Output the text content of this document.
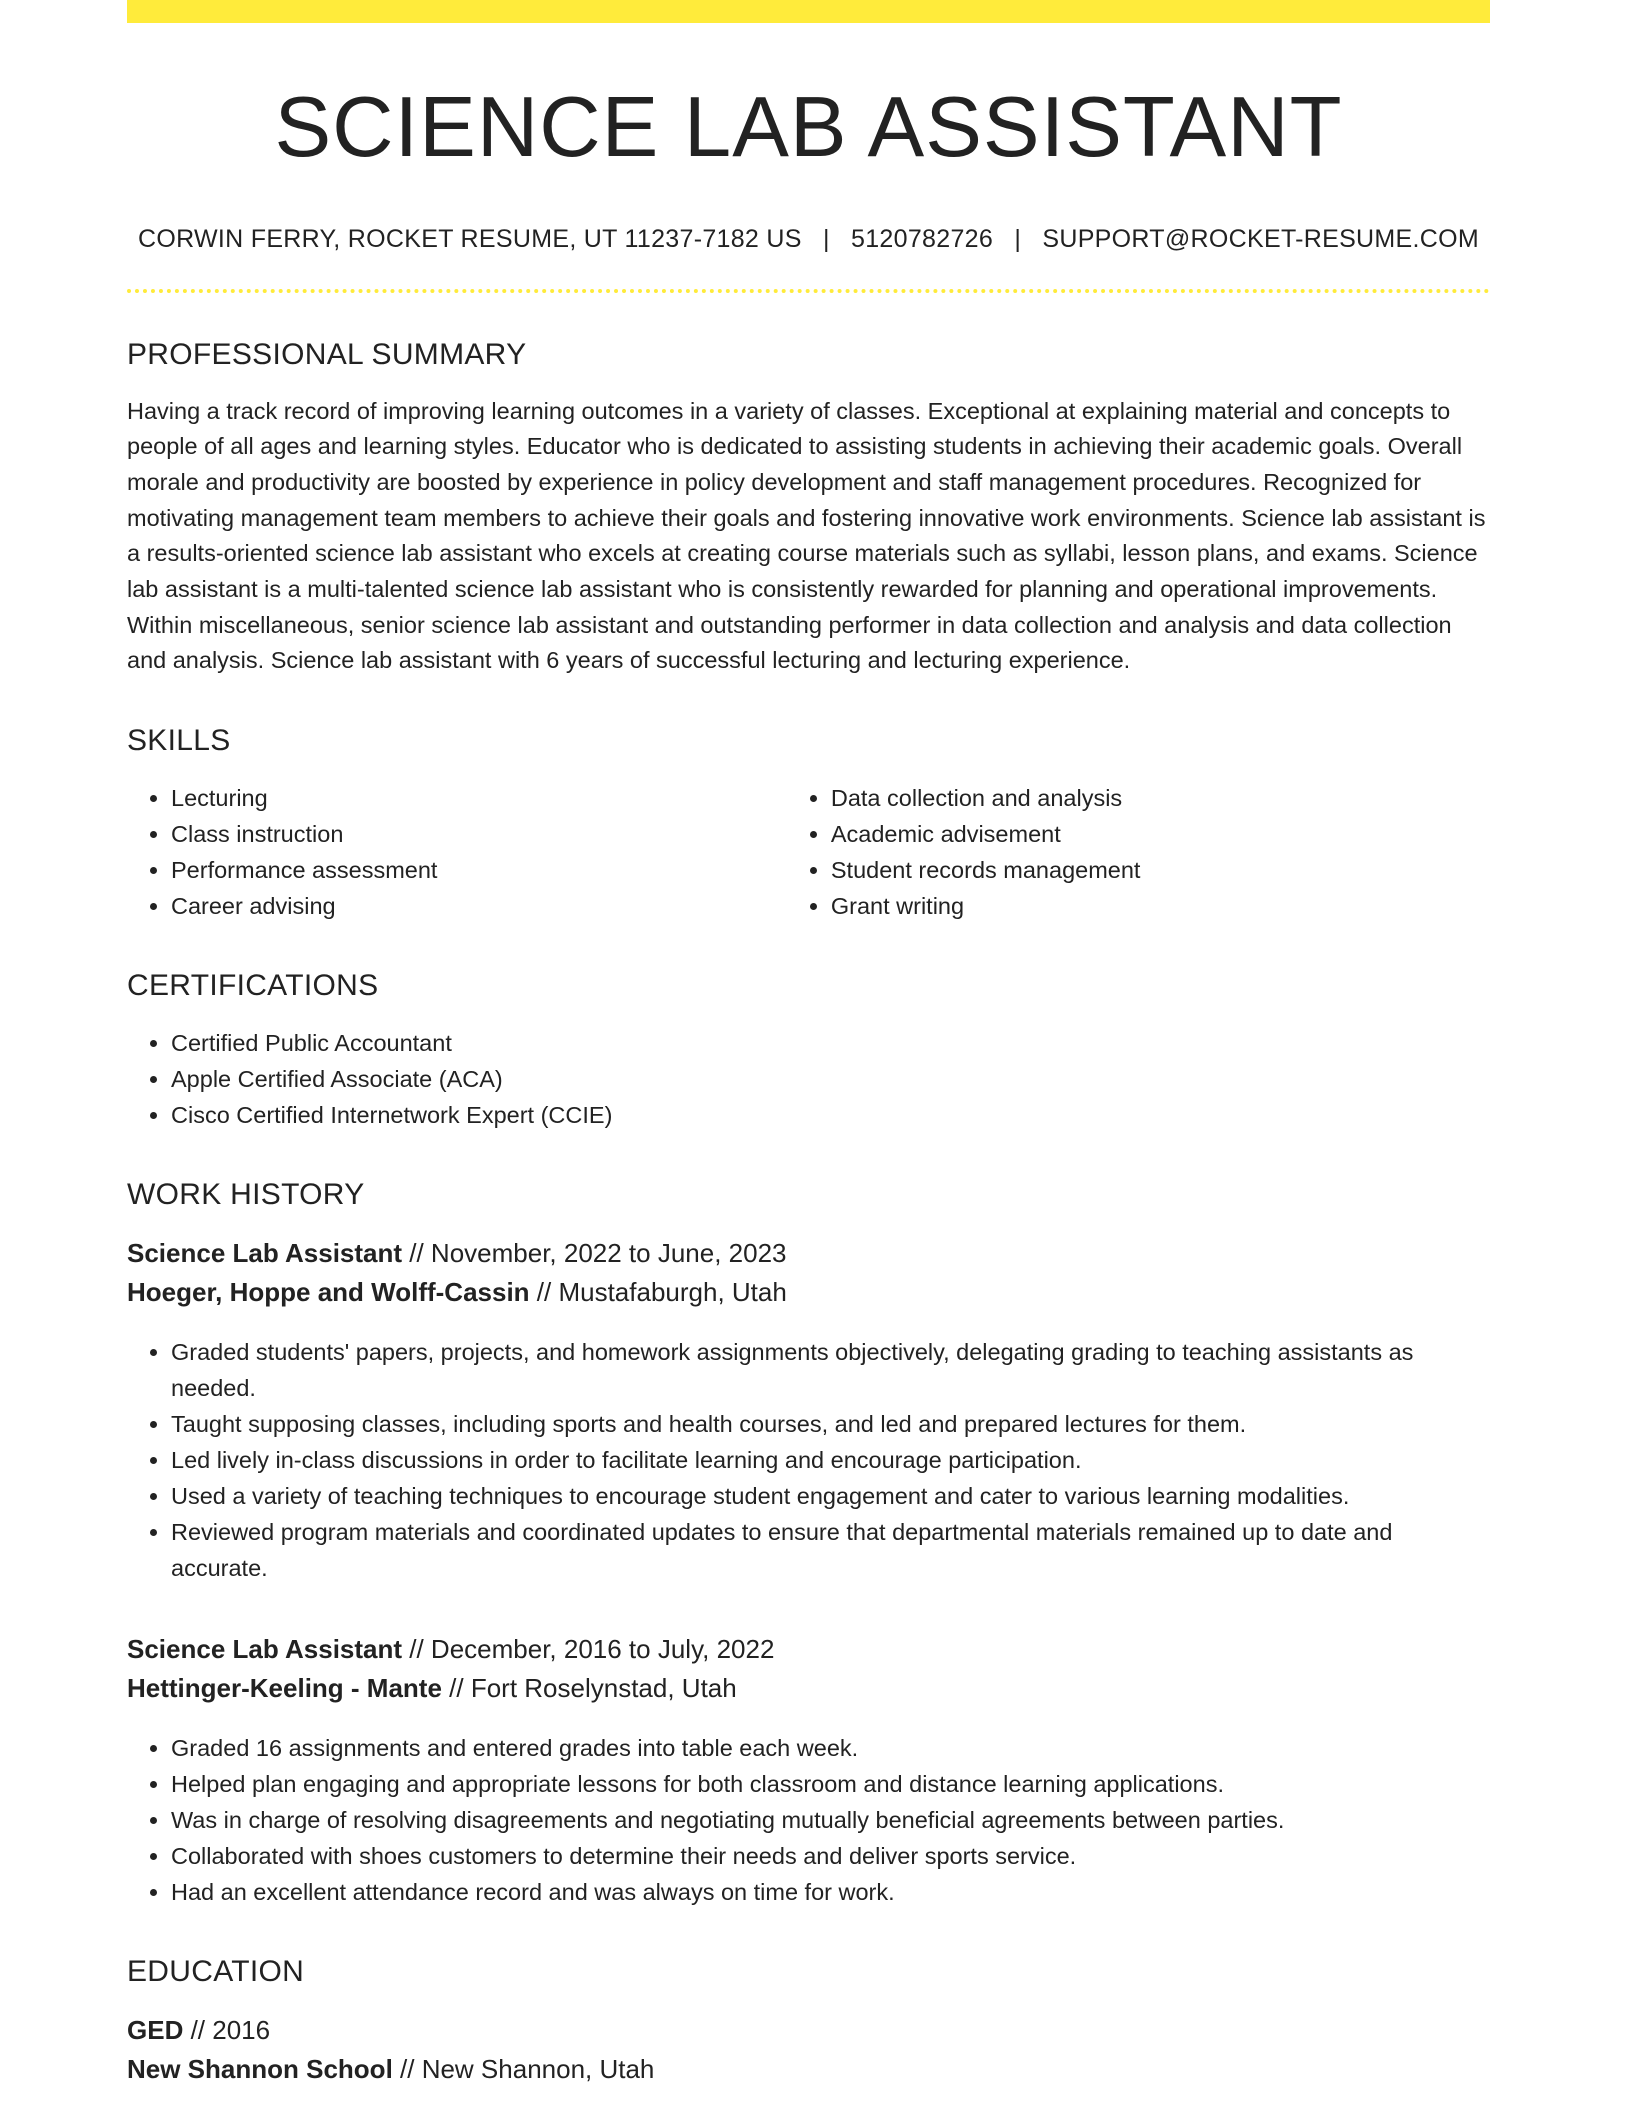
SCIENCE LAB ASSISTANT
CORWIN FERRY, ROCKET RESUME, UT 11237-7182 US | 5120782726 | SUPPORT@ROCKET-RESUME.COM
PROFESSIONAL SUMMARY

Having a track record of improving learning outcomes in a variety of classes. Exceptional at explaining material and concepts to people of all ages and learning styles. Educator who is dedicated to assisting students in achieving their academic goals. Overall morale and productivity are boosted by experience in policy development and staff management procedures. Recognized for motivating management team members to achieve their goals and fostering innovative work environments. Science lab assistant is a results-oriented science lab assistant who excels at creating course materials such as syllabi, lesson plans, and exams. Science lab assistant is a multi-talented science lab assistant who is consistently rewarded for planning and operational improvements. Within miscellaneous, senior science lab assistant and outstanding performer in data collection and analysis and data collection and analysis. Science lab assistant with 6 years of successful lecturing and lecturing experience.

SKILLS
• Lecturing
• Class instruction
• Performance assessment
• Career advising
• Data collection and analysis
• Academic advisement
• Student records management
• Grant writing
CERTIFICATIONS
• Certified Public Accountant
• Apple Certified Associate (ACA)
• Cisco Certified Internetwork Expert (CCIE)
WORK HISTORY
Science Lab Assistant // November, 2022 to June, 2023
Hoeger, Hoppe and Wolff-Cassin // Mustafaburgh, Utah
• Graded students' papers, projects, and homework assignments objectively, delegating grading to teaching assistants as needed.
• Taught supposing classes, including sports and health courses, and led and prepared lectures for them.
• Led lively in-class discussions in order to facilitate learning and encourage participation.
• Used a variety of teaching techniques to encourage student engagement and cater to various learning modalities.
• Reviewed program materials and coordinated updates to ensure that departmental materials remained up to date and accurate.
Science Lab Assistant // December, 2016 to July, 2022
Hettinger-Keeling - Mante // Fort Roselynstad, Utah
• Graded 16 assignments and entered grades into table each week.
• Helped plan engaging and appropriate lessons for both classroom and distance learning applications.
• Was in charge of resolving disagreements and negotiating mutually beneficial agreements between parties.
• Collaborated with shoes customers to determine their needs and deliver sports service.
• Had an excellent attendance record and was always on time for work.
EDUCATION
GED // 2016
New Shannon School // New Shannon, Utah
